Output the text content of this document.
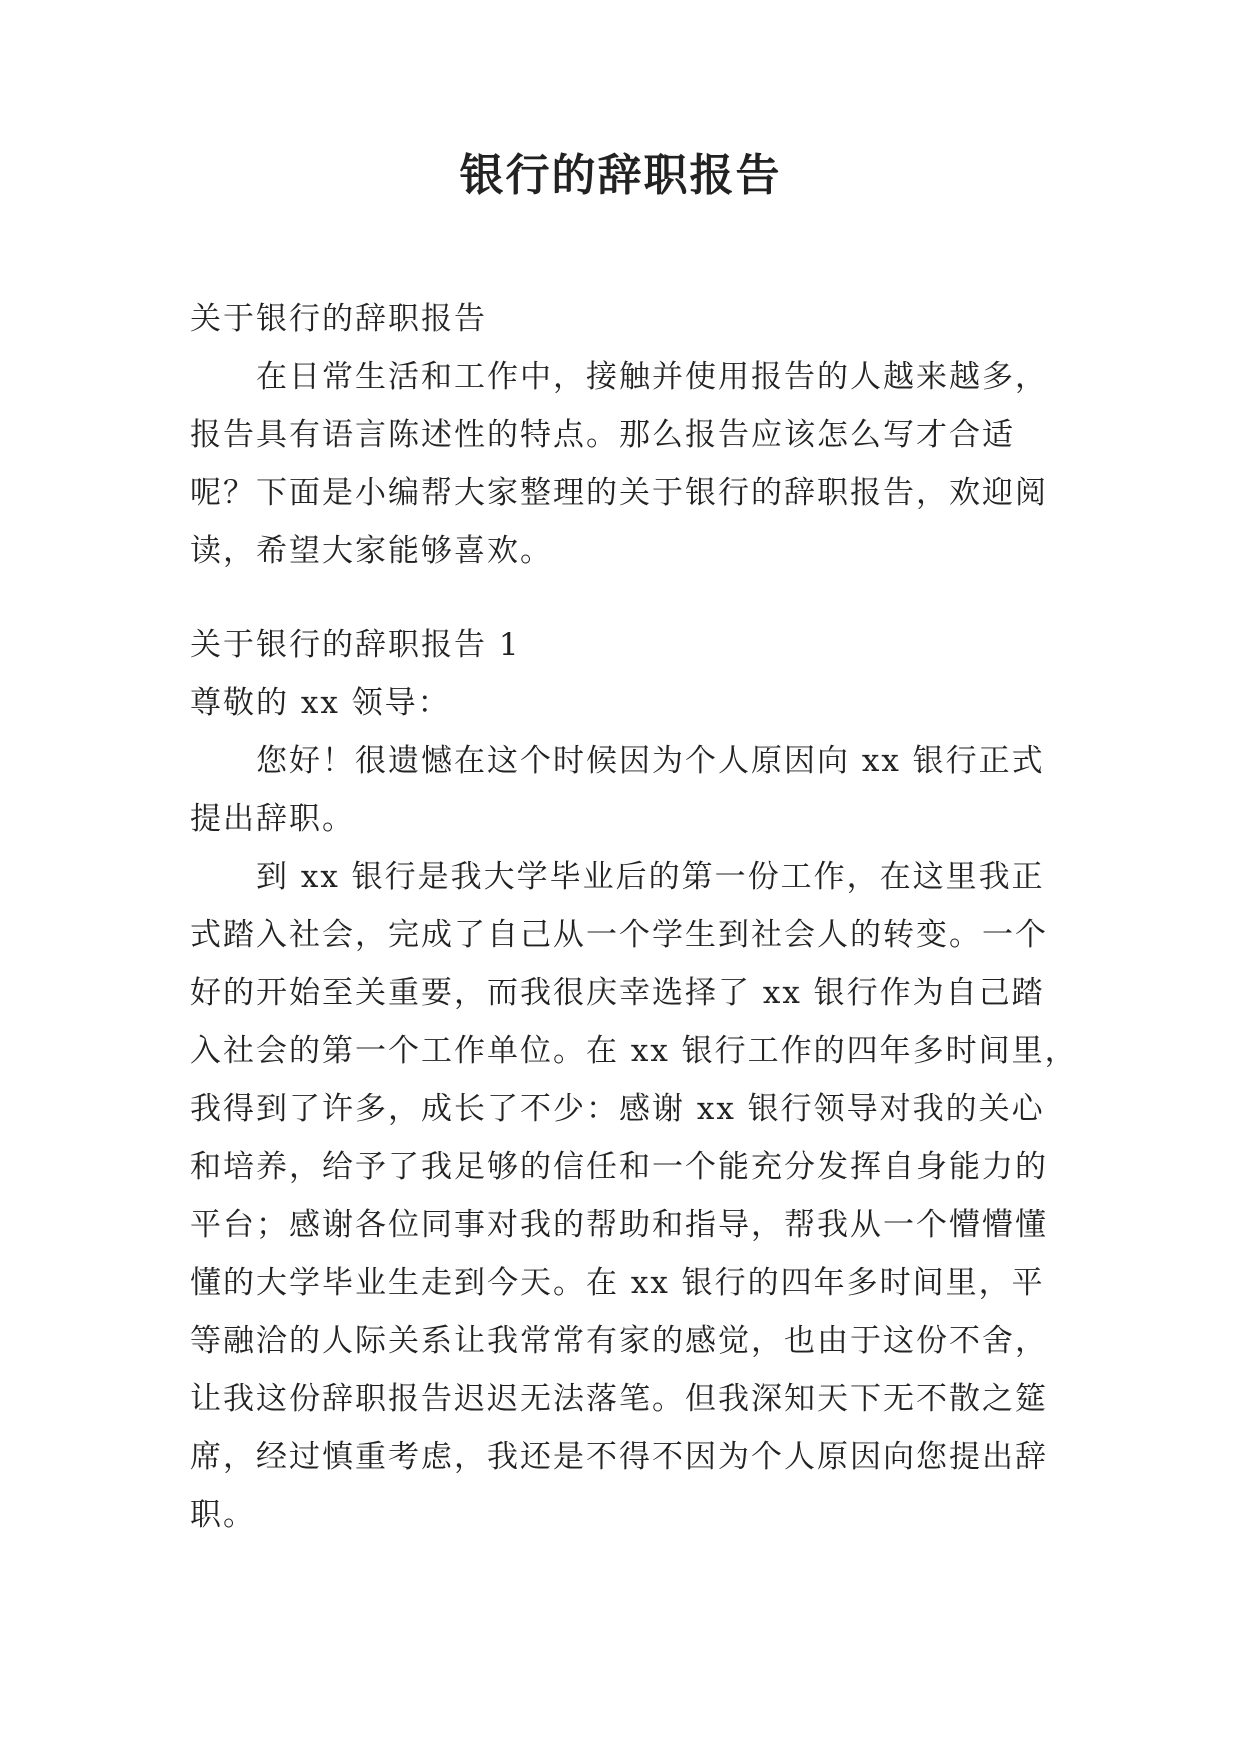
银行的辞职报告

关于银行的辞职报告

在日常生活和工作中，接触并使用报告的人越来越多，

报告具有语言陈述性的特点。那么报告应该怎么写才合适

呢？下面是小编帮大家整理的关于银行的辞职报告，欢迎阅

读，希望大家能够喜欢。

关于银行的辞职报告 1

尊敬的 xx 领导：

您好！很遗憾在这个时候因为个人原因向 xx 银行正式

提出辞职。

到 xx 银行是我大学毕业后的第一份工作，在这里我正

式踏入社会，完成了自己从一个学生到社会人的转变。一个

好的开始至关重要，而我很庆幸选择了 xx 银行作为自己踏

入社会的第一个工作单位。在 xx 银行工作的四年多时间里，

我得到了许多，成长了不少：感谢 xx 银行领导对我的关心

和培养，给予了我足够的信任和一个能充分发挥自身能力的

平台；感谢各位同事对我的帮助和指导，帮我从一个懵懵懂

懂的大学毕业生走到今天。在 xx 银行的四年多时间里，平

等融洽的人际关系让我常常有家的感觉，也由于这份不舍，

让我这份辞职报告迟迟无法落笔。但我深知天下无不散之筵

席，经过慎重考虑，我还是不得不因为个人原因向您提出辞

职。
